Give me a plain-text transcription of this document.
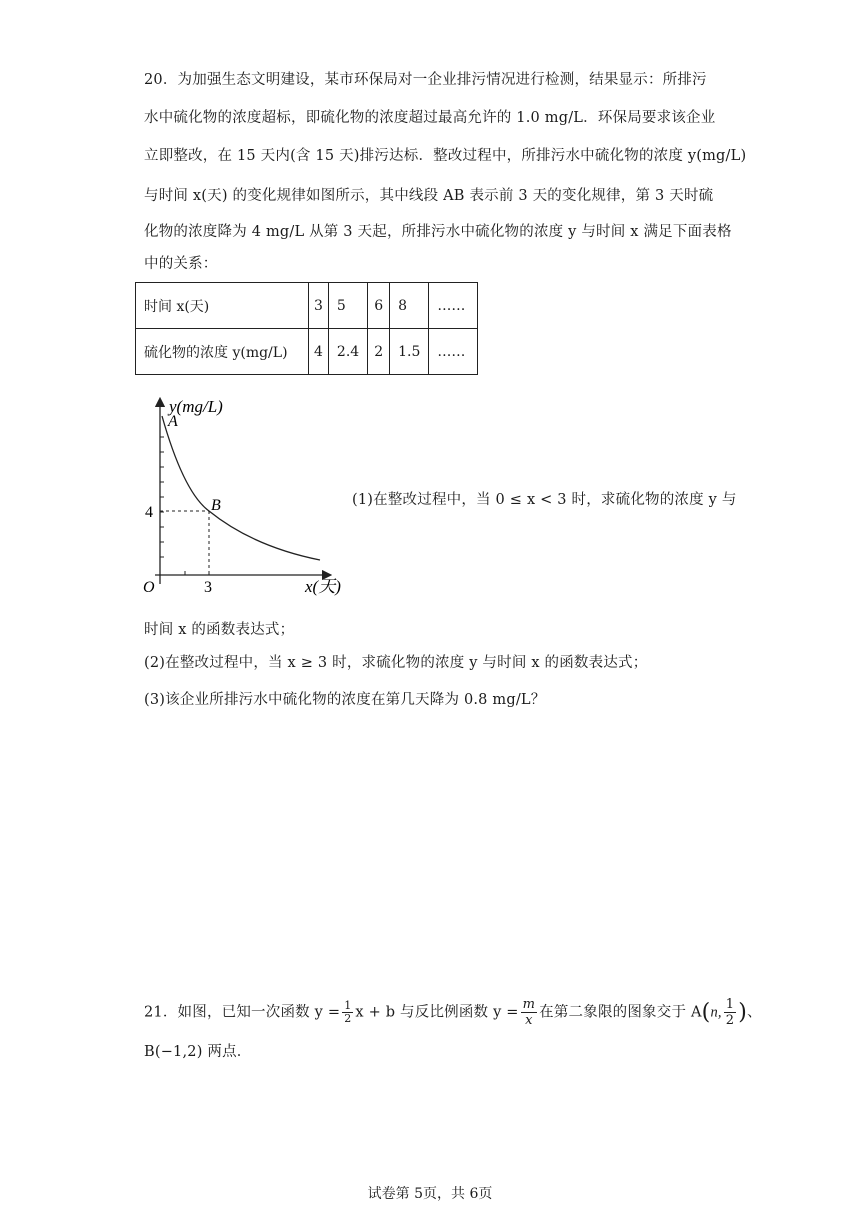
20．为加强生态文明建设，某市环保局对一企业排污情况进行检测，结果显示：所排污
水中硫化物的浓度超标，即硫化物的浓度超过最高允许的 1.0 mg/L．环保局要求该企业
立即整改，在 15 天内(含 15 天)排污达标．整改过程中，所排污水中硫化物的浓度 y(mg/L)
与时间 x(天) 的变化规律如图所示，其中线段 AB 表示前 3 天的变化规律，第 3 天时硫
化物的浓度降为 4 mg/L 从第 3 天起，所排污水中硫化物的浓度 y 与时间 x 满足下面表格
中的关系：
时间 x(天)	3	5	6	8	……
硫化物的浓度 y(mg/L)	4	2.4	2	1.5	……
y(mg/L)
A
B
4
3
O	x(天)
(1)在整改过程中，当 0 ≤ x < 3 时，求硫化物的浓度 y 与
时间 x 的函数表达式；
(2)在整改过程中，当 x ≥ 3 时，求硫化物的浓度 y 与时间 x 的函数表达式；
(3)该企业所排污水中硫化物的浓度在第几天降为 0.8 mg/L？
21．如图，已知一次函数 $y = \frac{1}{2}$ x + b 与反比例函数 $y = \frac{m}{x}$ 在第二象限的图象交于 A(n, $\frac{1}{2}$ )、
B(−1,2) 两点．
试卷第 5页，共 6页
